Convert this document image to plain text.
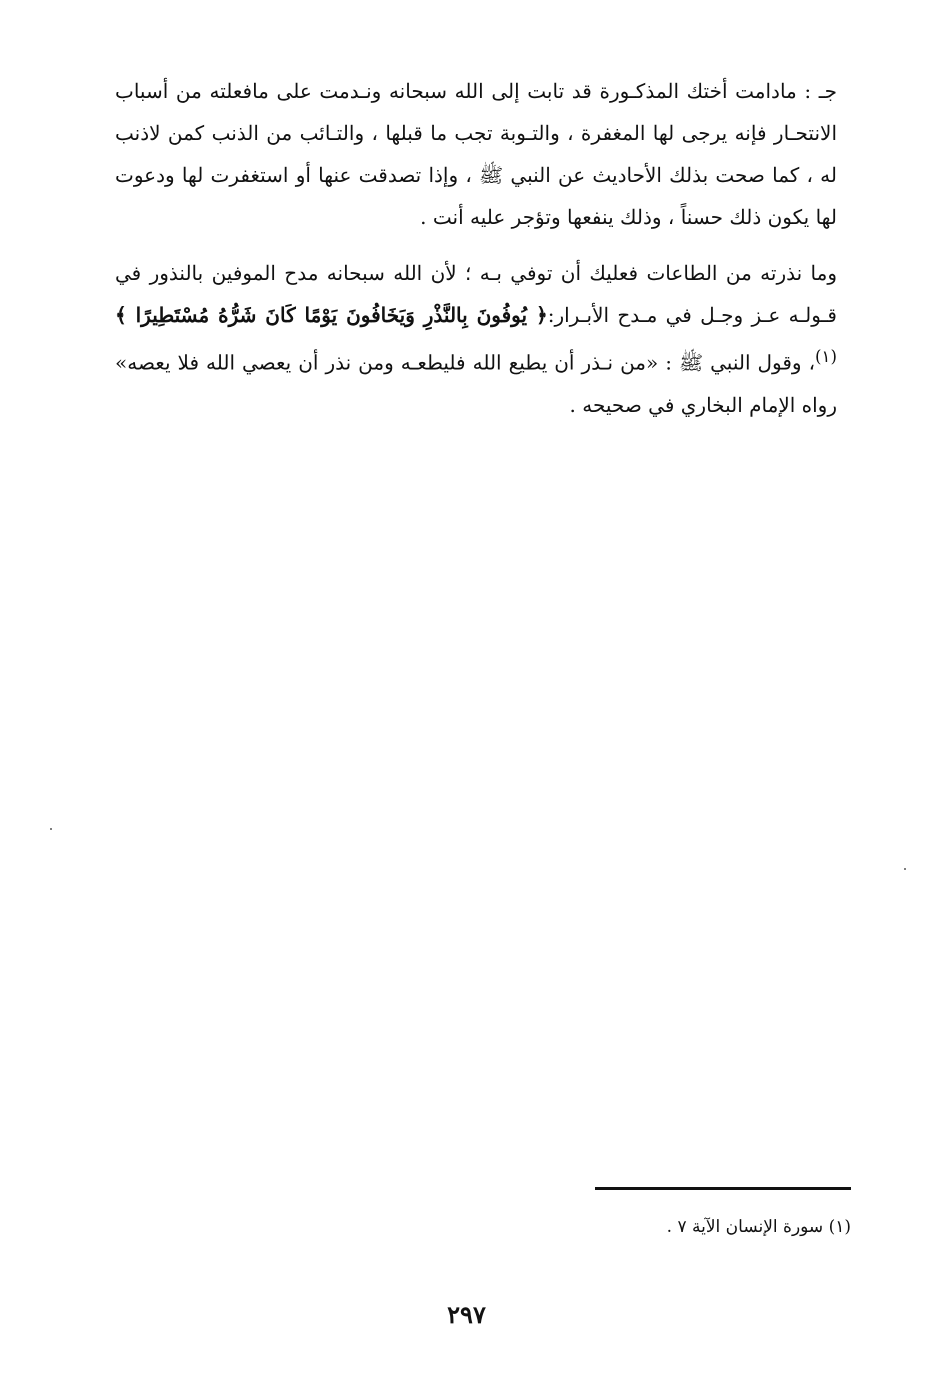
جـ : مادامت أختك المذكـورة قد تابت إلى الله سبحانه ونـدمت على مافعلته من أسباب الانتحـار فإنه يرجى لها المغفرة ، والتـوبة تجب ما قبلها ، والتـائب من الذنب كمن لاذنب له ، كما صحت بذلك الأحاديث عن النبي ﷺ ، وإذا تصدقت عنها أو استغفرت لها ودعوت لها يكون ذلك حسناً ، وذلك ينفعها وتؤجر عليه أنت .

وما نذرته من الطاعات فعليك أن توفي بـه ؛ لأن الله سبحانه مدح الموفين بالنذور في قـولـه عـز وجـل في مـدح الأبـرار:﴿ يُوفُونَ بِالنَّذْرِ وَيَخَافُونَ يَوْمًا كَانَ شَرُّهُ مُسْتَطِيرًا ﴾$^{(١)}$، وقول النبي ﷺ : «من نـذر أن يطيع الله فليطعـه ومن نذر أن يعصي الله فلا يعصه» رواه الإمام البخاري في صحيحه .

(١) سورة الإنسان الآية ٧ .
٢٩٧
